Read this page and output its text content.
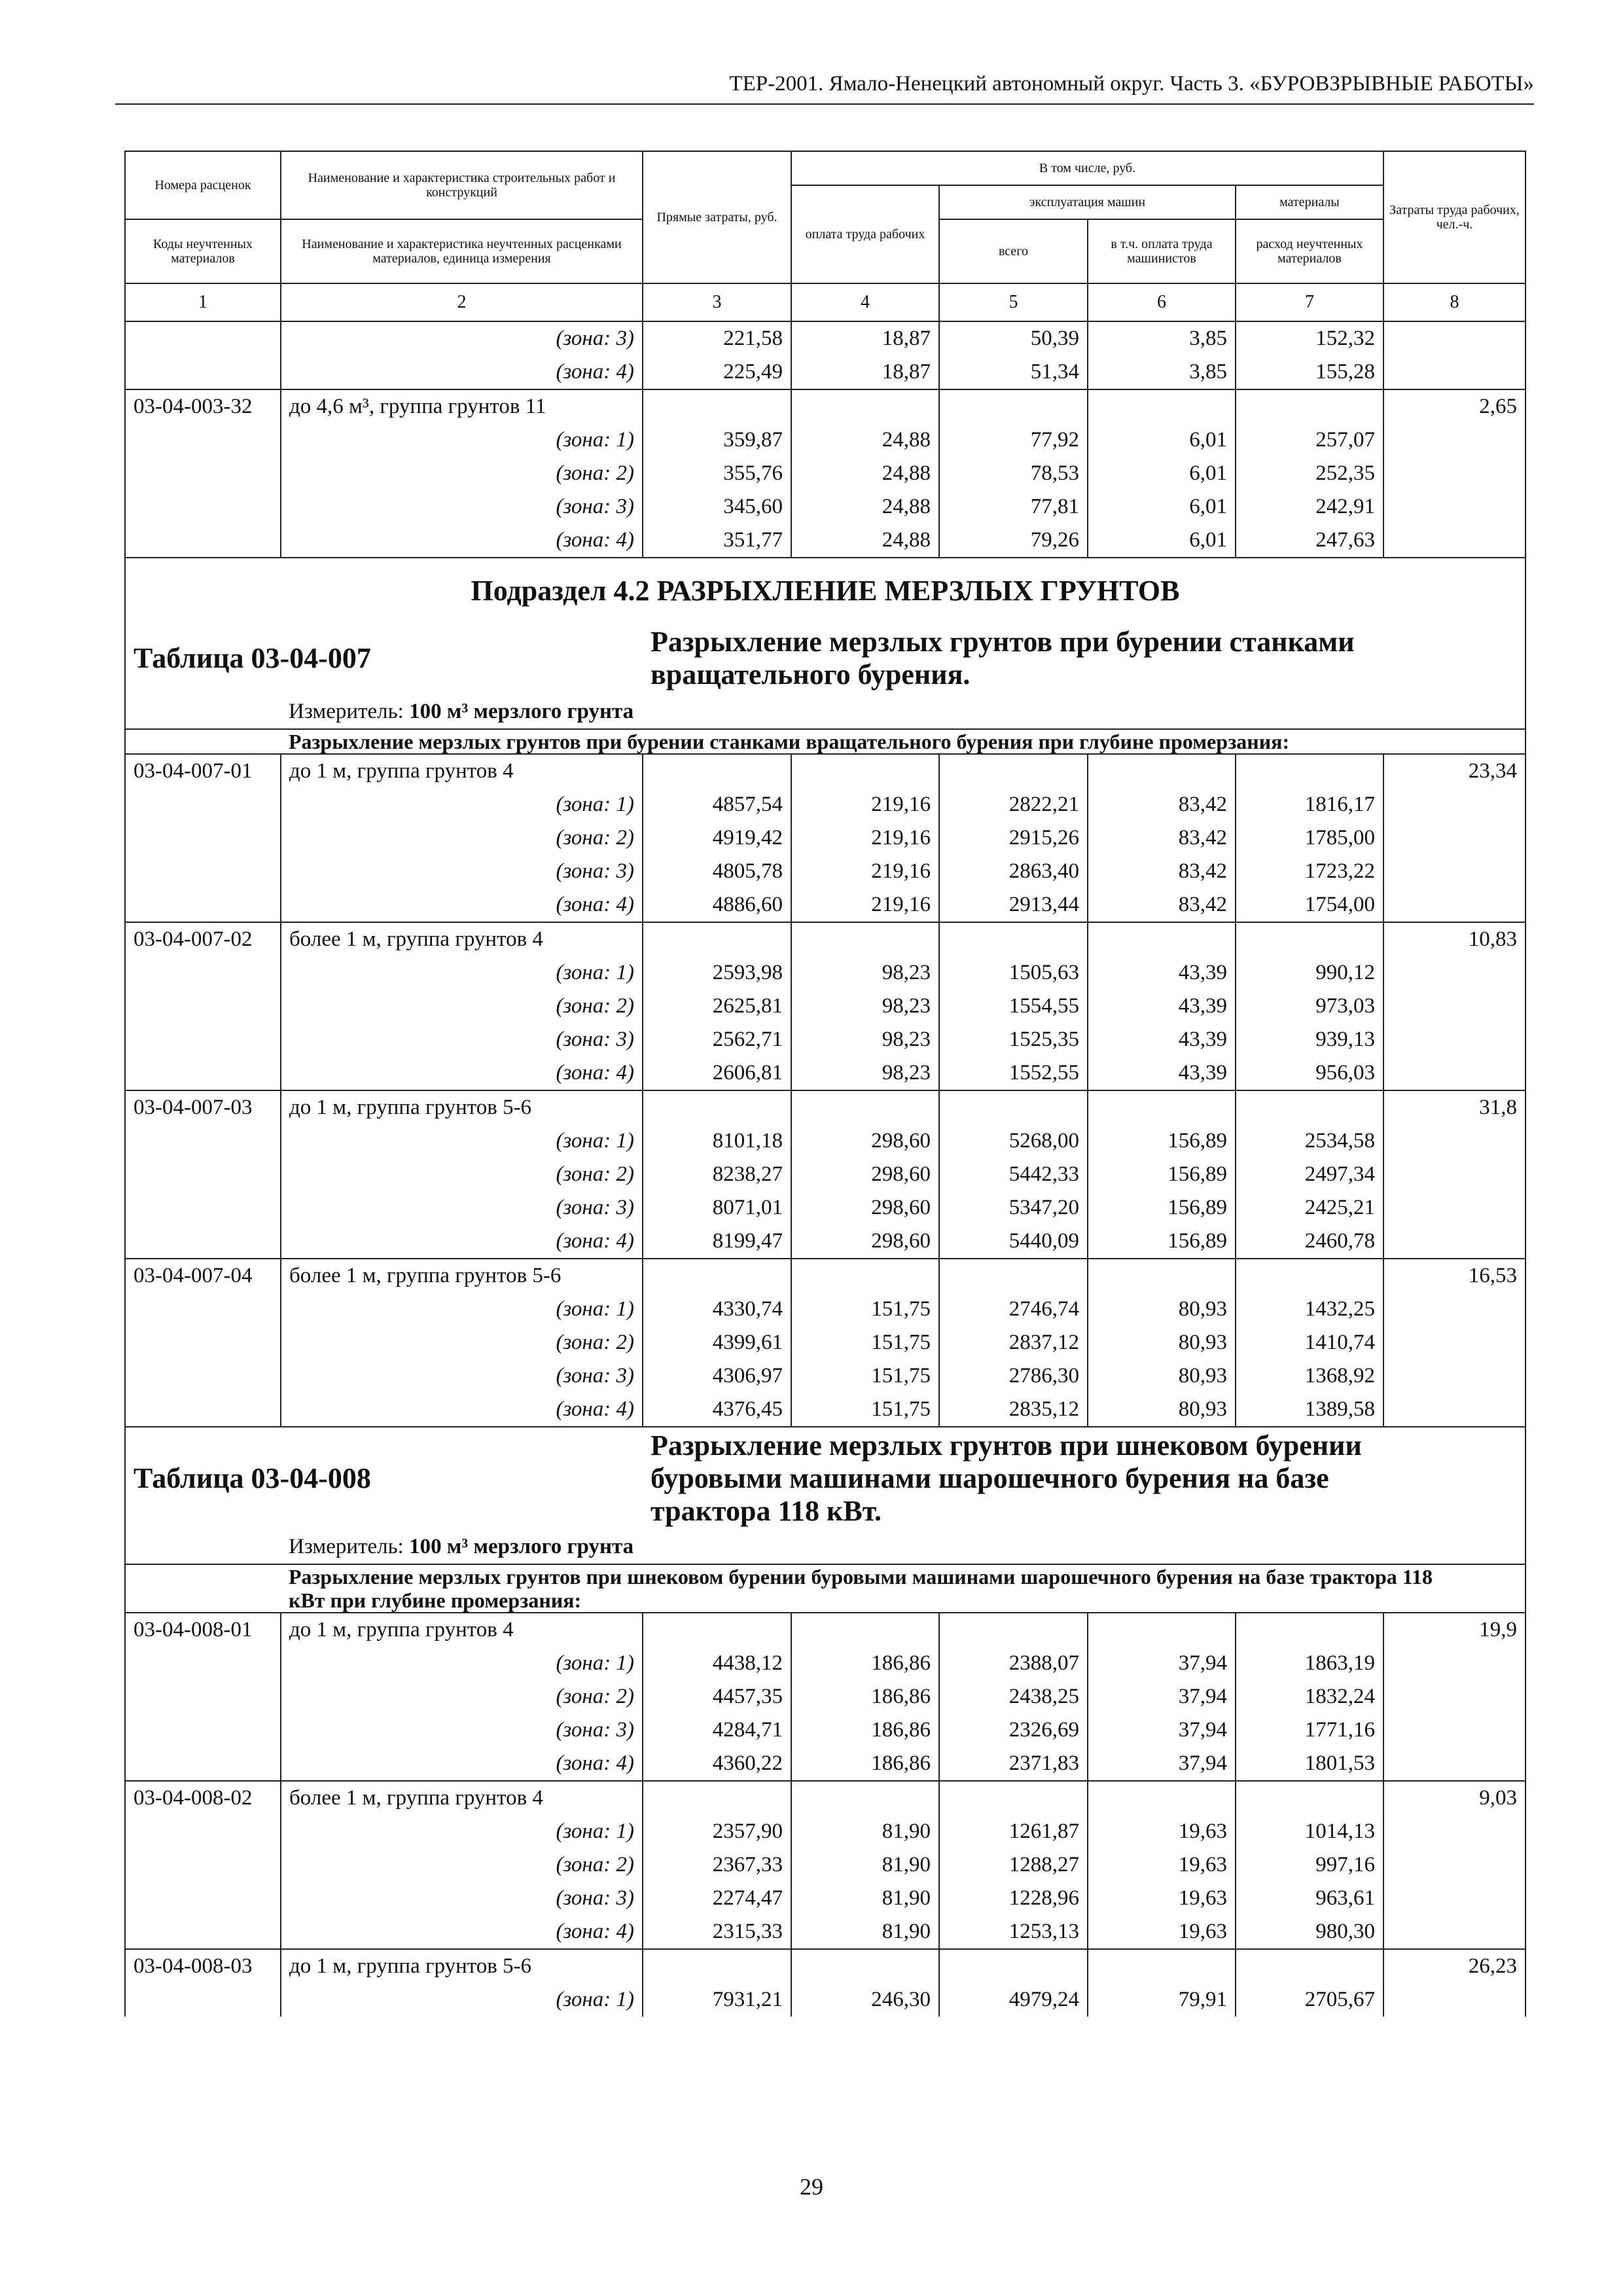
ТЕР-2001. Ямало-Ненецкий автономный округ. Часть 3. «БУРОВЗРЫВНЫЕ РАБОТЫ»
Номера расценок	Наименование и характеристика строительных работ и конструкций	Прямые затраты, руб.	В том числе, руб.				Затраты труда рабочих, чел.-ч.
			оплата труда рабочих	эксплуатация машин		материалы	
Коды неучтенных материалов	Наименование и характеристика неучтенных расценками материалов, единица измерения			всего	в т.ч. оплата труда машинистов	расход неучтенных материалов	
1	2	3	4	5	6	7	8
	(зона: 3)	221,58	18,87	50,39	3,85	152,32	
	(зона: 4)	225,49	18,87	51,34	3,85	155,28	
03-04-003-32	до 4,6 м³, группа грунтов 11						2,65
	(зона: 1)	359,87	24,88	77,92	6,01	257,07	
	(зона: 2)	355,76	24,88	78,53	6,01	252,35	
	(зона: 3)	345,60	24,88	77,81	6,01	242,91	
	(зона: 4)	351,77	24,88	79,26	6,01	247,63	
Подраздел 4.2 РАЗРЫХЛЕНИЕ МЕРЗЛЫХ ГРУНТОВ							
Таблица 03-04-007		Разрыхление мерзлых грунтов при бурении станками вращательного бурения.					
	Измеритель: 100 м³ мерзлого грунта						
	Разрыхление мерзлых грунтов при бурении станками вращательного бурения при глубине промерзания:						
03-04-007-01	до 1 м, группа грунтов 4						23,34
	(зона: 1)	4857,54	219,16	2822,21	83,42	1816,17	
	(зона: 2)	4919,42	219,16	2915,26	83,42	1785,00	
	(зона: 3)	4805,78	219,16	2863,40	83,42	1723,22	
	(зона: 4)	4886,60	219,16	2913,44	83,42	1754,00	
03-04-007-02	более 1 м, группа грунтов 4						10,83
	(зона: 1)	2593,98	98,23	1505,63	43,39	990,12	
	(зона: 2)	2625,81	98,23	1554,55	43,39	973,03	
	(зона: 3)	2562,71	98,23	1525,35	43,39	939,13	
	(зона: 4)	2606,81	98,23	1552,55	43,39	956,03	
03-04-007-03	до 1 м, группа грунтов 5-6						31,8
	(зона: 1)	8101,18	298,60	5268,00	156,89	2534,58	
	(зона: 2)	8238,27	298,60	5442,33	156,89	2497,34	
	(зона: 3)	8071,01	298,60	5347,20	156,89	2425,21	
	(зона: 4)	8199,47	298,60	5440,09	156,89	2460,78	
03-04-007-04	более 1 м, группа грунтов 5-6						16,53
	(зона: 1)	4330,74	151,75	2746,74	80,93	1432,25	
	(зона: 2)	4399,61	151,75	2837,12	80,93	1410,74	
	(зона: 3)	4306,97	151,75	2786,30	80,93	1368,92	
	(зона: 4)	4376,45	151,75	2835,12	80,93	1389,58	
Таблица 03-04-008		Разрыхление мерзлых грунтов при шнековом бурении буровыми машинами шарошечного бурения на базе трактора 118 кВт.					
	Измеритель: 100 м³ мерзлого грунта						
	Разрыхление мерзлых грунтов при шнековом бурении буровыми машинами шарошечного бурения на базе трактора 118 кВт при глубине промерзания:						
03-04-008-01	до 1 м, группа грунтов 4						19,9
	(зона: 1)	4438,12	186,86	2388,07	37,94	1863,19	
	(зона: 2)	4457,35	186,86	2438,25	37,94	1832,24	
	(зона: 3)	4284,71	186,86	2326,69	37,94	1771,16	
	(зона: 4)	4360,22	186,86	2371,83	37,94	1801,53	
03-04-008-02	более 1 м, группа грунтов 4						9,03
	(зона: 1)	2357,90	81,90	1261,87	19,63	1014,13	
	(зона: 2)	2367,33	81,90	1288,27	19,63	997,16	
	(зона: 3)	2274,47	81,90	1228,96	19,63	963,61	
	(зона: 4)	2315,33	81,90	1253,13	19,63	980,30	
03-04-008-03	до 1 м, группа грунтов 5-6						26,23
	(зона: 1)	7931,21	246,30	4979,24	79,91	2705,67	
29
